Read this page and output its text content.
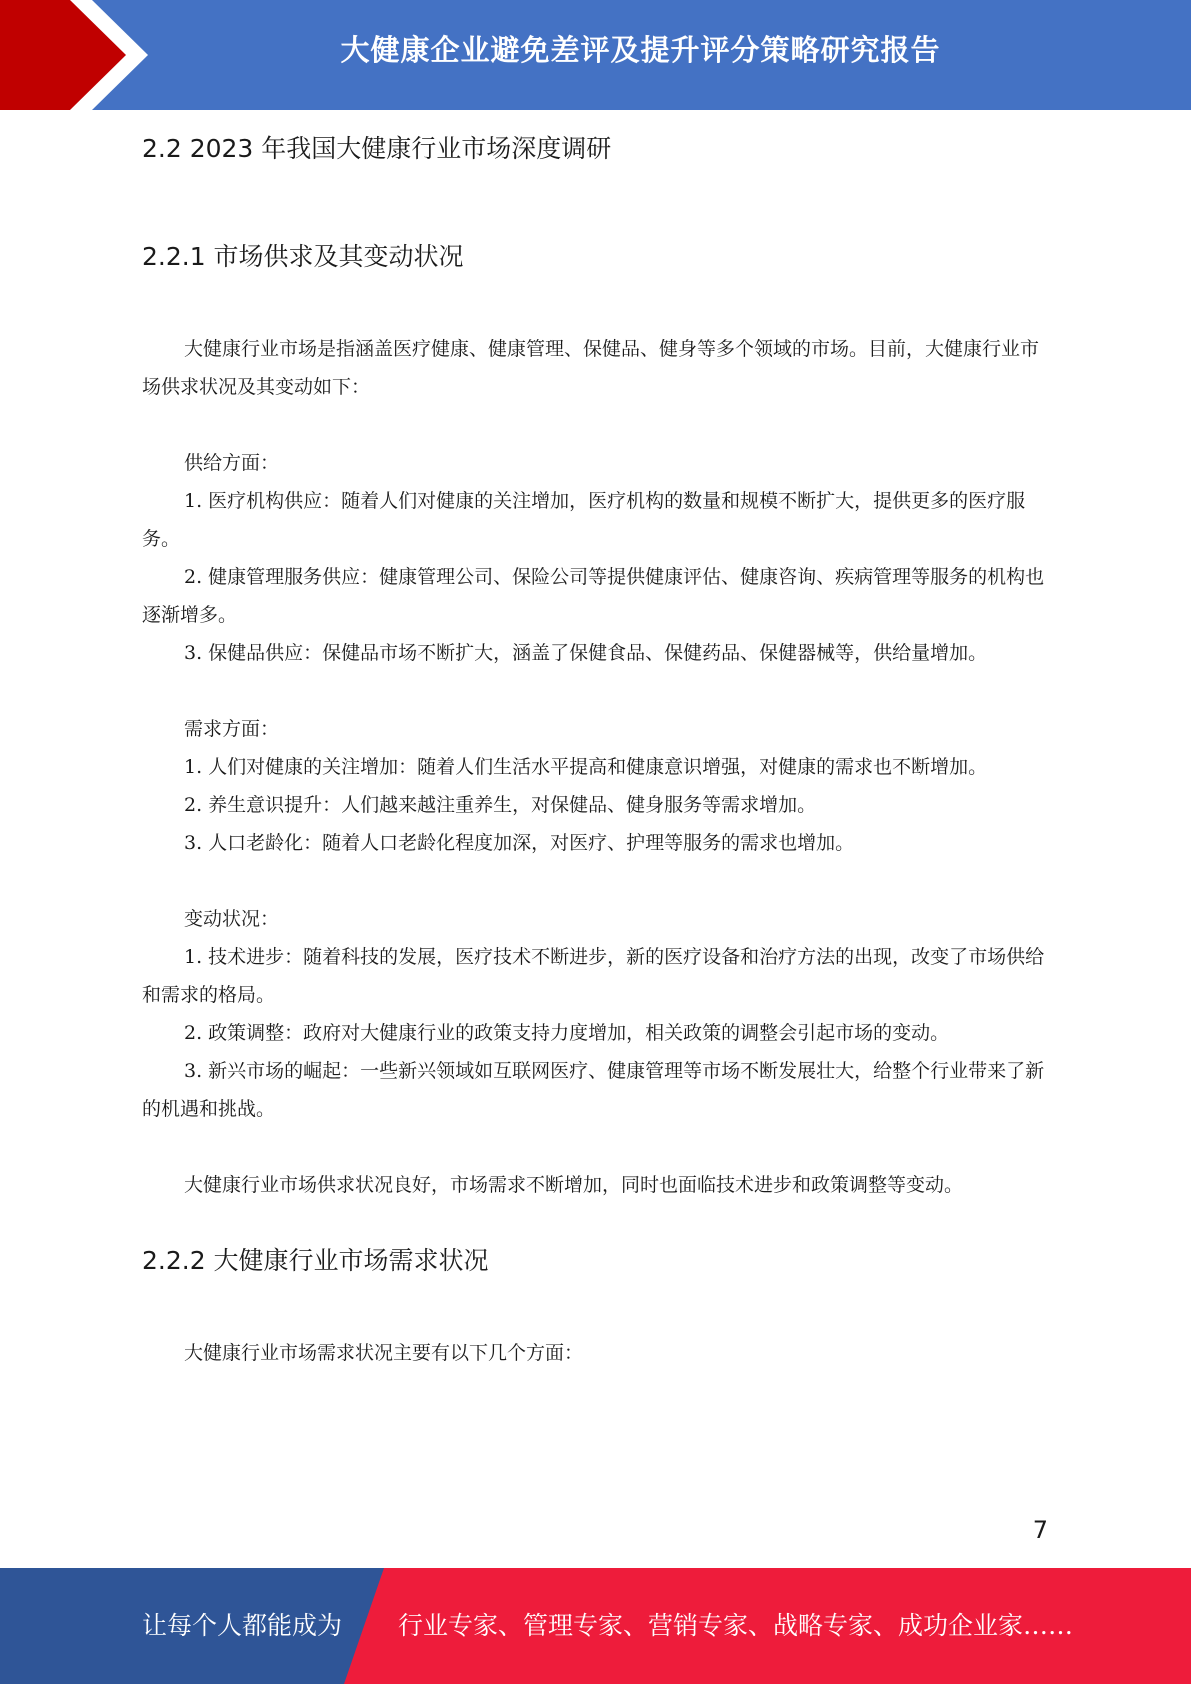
大健康企业避免差评及提升评分策略研究报告
2.2 2023 年我国大健康行业市场深度调研
2.2.1 市场供求及其变动状况

大健康行业市场是指涵盖医疗健康、健康管理、保健品、健身等多个领域的市场。目前，大健康行业市场供求状况及其变动如下：

供给方面：

1. 医疗机构供应：随着人们对健康的关注增加，医疗机构的数量和规模不断扩大，提供更多的医疗服务。

2. 健康管理服务供应：健康管理公司、保险公司等提供健康评估、健康咨询、疾病管理等服务的机构也逐渐增多。

3. 保健品供应：保健品市场不断扩大，涵盖了保健食品、保健药品、保健器械等，供给量增加。

需求方面：

1. 人们对健康的关注增加：随着人们生活水平提高和健康意识增强，对健康的需求也不断增加。

2. 养生意识提升：人们越来越注重养生，对保健品、健身服务等需求增加。

3. 人口老龄化：随着人口老龄化程度加深，对医疗、护理等服务的需求也增加。

变动状况：

1. 技术进步：随着科技的发展，医疗技术不断进步，新的医疗设备和治疗方法的出现，改变了市场供给和需求的格局。

2. 政策调整：政府对大健康行业的政策支持力度增加，相关政策的调整会引起市场的变动。

3. 新兴市场的崛起：一些新兴领域如互联网医疗、健康管理等市场不断发展壮大，给整个行业带来了新的机遇和挑战。

大健康行业市场供求状况良好，市场需求不断增加，同时也面临技术进步和政策调整等变动。

2.2.2 大健康行业市场需求状况

大健康行业市场需求状况主要有以下几个方面：

7
让每个人都能成为 行业专家、管理专家、营销专家、战略专家、成功企业家……
